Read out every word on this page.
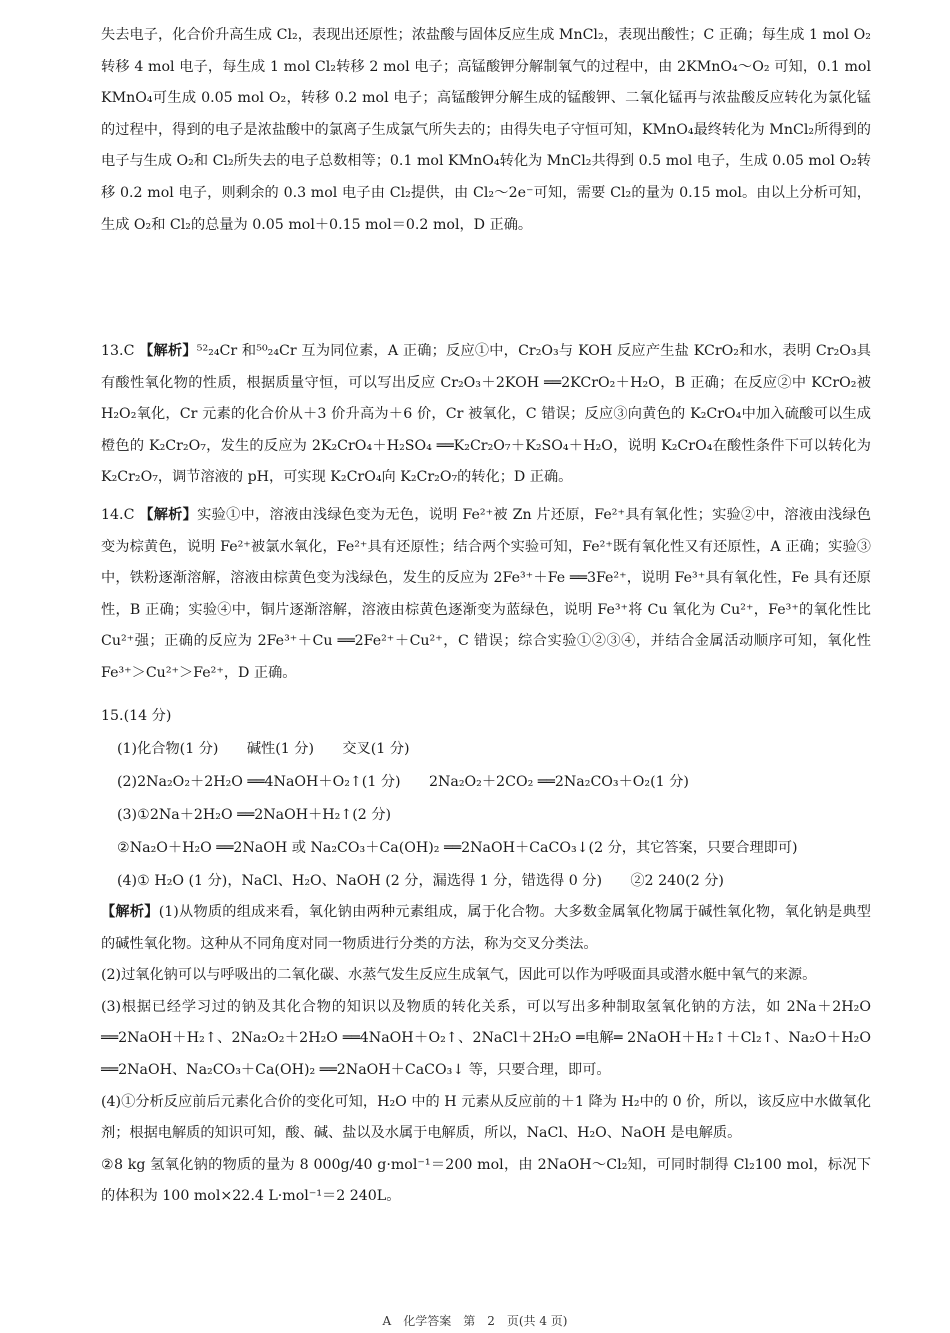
失去电子，化合价升高生成 Cl₂，表现出还原性；浓盐酸与固体反应生成 MnCl₂，表现出酸性；C 正确；每生成 1 mol O₂转移 4 mol 电子，每生成 1 mol Cl₂转移 2 mol 电子；高锰酸钾分解制氧气的过程中，由 2KMnO₄～O₂ 可知，0.1 mol KMnO₄可生成 0.05 mol O₂，转移 0.2 mol 电子；高锰酸钾分解生成的锰酸钾、二氧化锰再与浓盐酸反应转化为氯化锰的过程中，得到的电子是浓盐酸中的氯离子生成氯气所失去的；由得失电子守恒可知，KMnO₄最终转化为 MnCl₂所得到的电子与生成 O₂和 Cl₂所失去的电子总数相等；0.1 mol KMnO₄转化为 MnCl₂共得到 0.5 mol 电子，生成 0.05 mol O₂转移 0.2 mol 电子，则剩余的 0.3 mol 电子由 Cl₂提供，由 Cl₂～2e⁻可知，需要 Cl₂的量为 0.15 mol。由以上分析可知，生成 O₂和 Cl₂的总量为 0.05 mol＋0.15 mol＝0.2 mol，D 正确。
13.C 【解析】⁵²₂₄Cr 和⁵⁰₂₄Cr 互为同位素，A 正确；反应①中，Cr₂O₃与 KOH 反应产生盐 KCrO₂和水，表明 Cr₂O₃具有酸性氧化物的性质，根据质量守恒，可以写出反应 Cr₂O₃＋2KOH ══2KCrO₂＋H₂O，B 正确；在反应②中 KCrO₂被 H₂O₂氧化，Cr 元素的化合价从＋3 价升高为＋6 价，Cr 被氧化，C 错误；反应③向黄色的 K₂CrO₄中加入硫酸可以生成橙色的 K₂Cr₂O₇，发生的反应为 2K₂CrO₄＋H₂SO₄ ══K₂Cr₂O₇＋K₂SO₄＋H₂O，说明 K₂CrO₄在酸性条件下可以转化为 K₂Cr₂O₇，调节溶液的 pH，可实现 K₂CrO₄向 K₂Cr₂O₇的转化；D 正确。
14.C 【解析】实验①中，溶液由浅绿色变为无色，说明 Fe²⁺被 Zn 片还原，Fe²⁺具有氧化性；实验②中，溶液由浅绿色变为棕黄色，说明 Fe²⁺被氯水氧化，Fe²⁺具有还原性；结合两个实验可知，Fe²⁺既有氧化性又有还原性，A 正确；实验③中，铁粉逐渐溶解，溶液由棕黄色变为浅绿色，发生的反应为 2Fe³⁺＋Fe ══3Fe²⁺，说明 Fe³⁺具有氧化性，Fe 具有还原性，B 正确；实验④中，铜片逐渐溶解，溶液由棕黄色逐渐变为蓝绿色，说明 Fe³⁺将 Cu 氧化为 Cu²⁺，Fe³⁺的氧化性比 Cu²⁺强；正确的反应为 2Fe³⁺＋Cu ══2Fe²⁺＋Cu²⁺，C 错误；综合实验①②③④，并结合金属活动顺序可知，氧化性 Fe³⁺＞Cu²⁺＞Fe²⁺，D 正确。
15.(14 分)
(1)化合物(1 分)　　碱性(1 分)　　交叉(1 分)
(2)2Na₂O₂＋2H₂O ══4NaOH＋O₂↑(1 分)　　2Na₂O₂＋2CO₂ ══2Na₂CO₃＋O₂(1 分)
(3)①2Na＋2H₂O ══2NaOH＋H₂↑(2 分)
②Na₂O＋H₂O ══2NaOH 或 Na₂CO₃＋Ca(OH)₂ ══2NaOH＋CaCO₃↓(2 分，其它答案，只要合理即可)
(4)① H₂O (1 分)，NaCl、H₂O、NaOH (2 分，漏选得 1 分，错选得 0 分)　　②2 240(2 分)
【解析】(1)从物质的组成来看，氧化钠由两种元素组成，属于化合物。大多数金属氧化物属于碱性氧化物，氧化钠是典型的碱性氧化物。这种从不同角度对同一物质进行分类的方法，称为交叉分类法。
(2)过氧化钠可以与呼吸出的二氧化碳、水蒸气发生反应生成氧气，因此可以作为呼吸面具或潜水艇中氧气的来源。
(3)根据已经学习过的钠及其化合物的知识以及物质的转化关系，可以写出多种制取氢氧化钠的方法，如 2Na＋2H₂O ══2NaOH＋H₂↑、2Na₂O₂＋2H₂O ══4NaOH＋O₂↑、2NaCl＋2H₂O ═电解═ 2NaOH＋H₂↑＋Cl₂↑、Na₂O＋H₂O ══2NaOH、Na₂CO₃＋Ca(OH)₂ ══2NaOH＋CaCO₃↓ 等，只要合理，即可。
(4)①分析反应前后元素化合价的变化可知，H₂O 中的 H 元素从反应前的＋1 降为 H₂中的 0 价，所以，该反应中水做氧化剂；根据电解质的知识可知，酸、碱、盐以及水属于电解质，所以，NaCl、H₂O、NaOH 是电解质。
②8 kg 氢氧化钠的物质的量为 8 000g/40 g·mol⁻¹＝200 mol，由 2NaOH～Cl₂知，可同时制得 Cl₂100 mol，标况下的体积为 100 mol×22.4 L·mol⁻¹＝2 240L。
A　化学答案　第　2　页(共 4 页)
